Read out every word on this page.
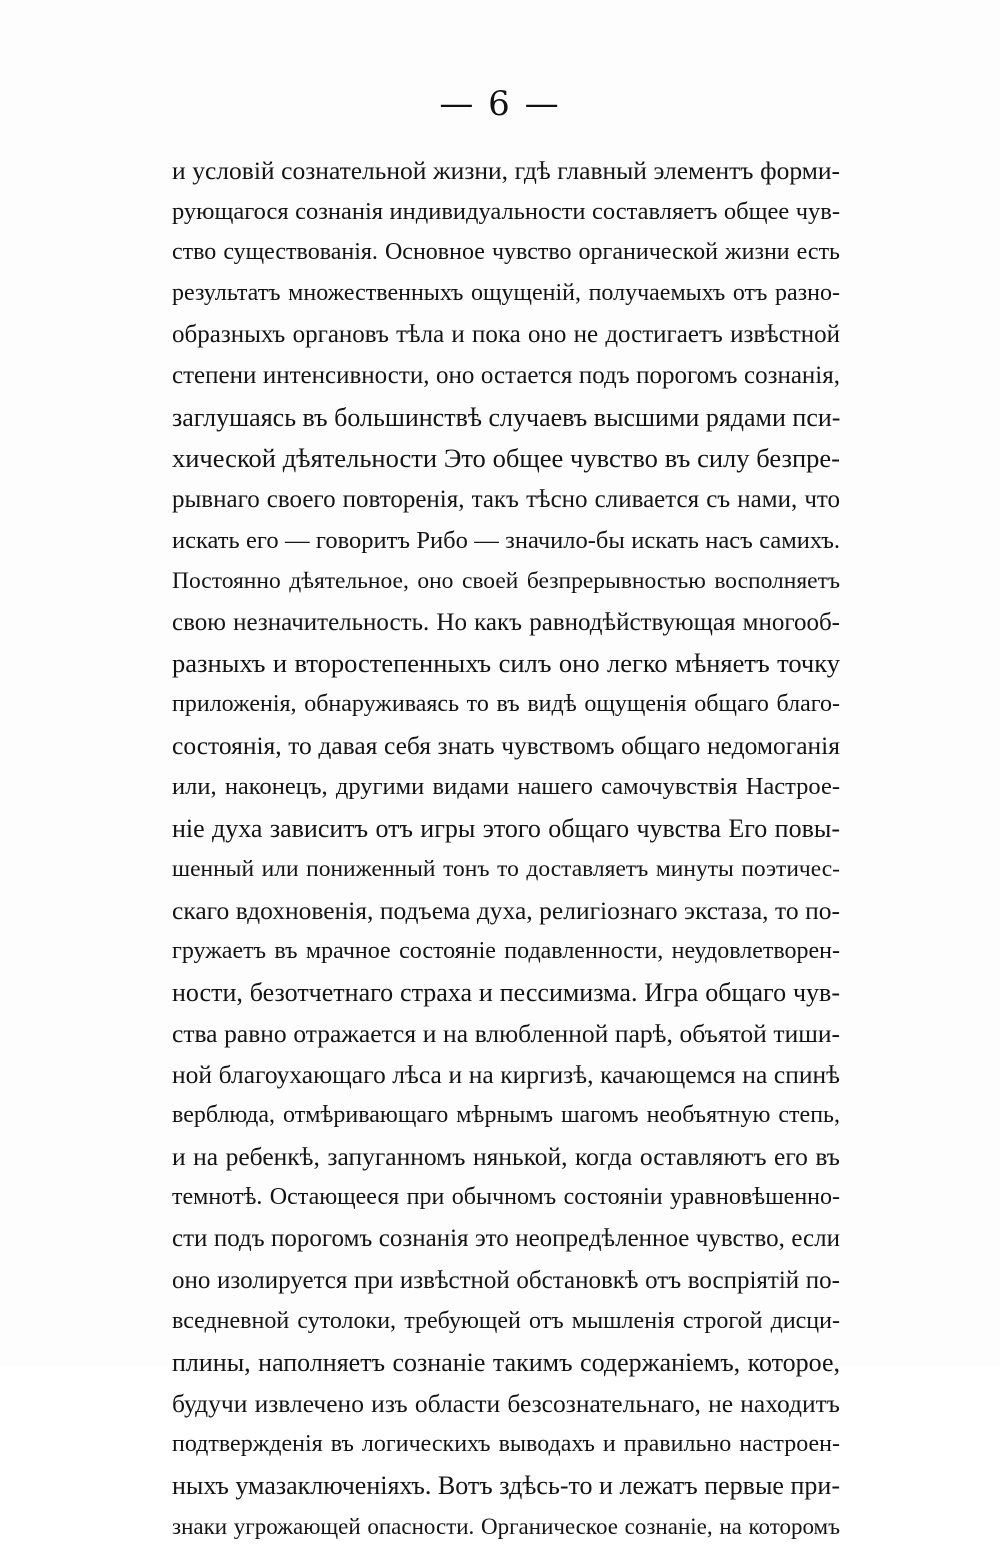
— 6 —
и условій сознательной жизни, гдѣ главный элементъ форми-
рующагося сознанія индивидуальности составляетъ общее чув-
ство существованія. Основное чувство органической жизни есть
результатъ множественныхъ ощущеній, получаемыхъ отъ разно-
образныхъ органовъ тѣла и пока оно не достигаетъ извѣстной
степени интенсивности, оно остается подъ порогомъ сознанія,
заглушаясь въ большинствѣ случаевъ высшими рядами пси-
хической дѣятельности Это общее чувство въ силу безпре-
рывнаго своего повторенія, такъ тѣсно сливается съ нами, что
искать его — говоритъ Рибо — значило-бы искать насъ самихъ.
Постоянно дѣятельное, оно своей безпрерывностью восполняетъ
свою незначительность. Но какъ равнодѣйствующая многооб-
разныхъ и второстепенныхъ силъ оно легко мѣняетъ точку
приложенія, обнаруживаясь то въ видѣ ощущенія общаго благо-
состоянія, то давая себя знать чувствомъ общаго недомоганія
или, наконецъ, другими видами нашего самочувствія Настрое-
ніе духа зависитъ отъ игры этого общаго чувства Его повы-
шенный или пониженный тонъ то доставляетъ минуты поэтичес-
скаго вдохновенія, подъема духа, религіознаго экстаза, то по-
гружаетъ въ мрачное состояніе подавленности, неудовлетворен-
ности, безотчетнаго страха и пессимизма. Игра общаго чув-
ства равно отражается и на влюбленной парѣ, объятой тиши-
ной благоухающаго лѣса и на киргизѣ, качающемся на спинѣ
верблюда, отмѣривающаго мѣрнымъ шагомъ необъятную степь,
и на ребенкѣ, запуганномъ нянькой, когда оставляютъ его въ
темнотѣ. Остающееся при обычномъ состояніи уравновѣшенно-
сти подъ порогомъ сознанія это неопредѣленное чувство, если
оно изолируется при извѣстной обстановкѣ отъ воспріятій по-
вседневной сутолоки, требующей отъ мышленія строгой дисци-
плины, наполняетъ сознаніе такимъ содержаніемъ, которое,
будучи извлечено изъ области безсознательнаго, не находитъ
подтвержденія въ логическихъ выводахъ и правильно настроен-
ныхъ умазаключеніяхъ. Вотъ здѣсь-то и лежатъ первые при-
знаки угрожающей опасности. Органическое сознаніе, на которомъ
